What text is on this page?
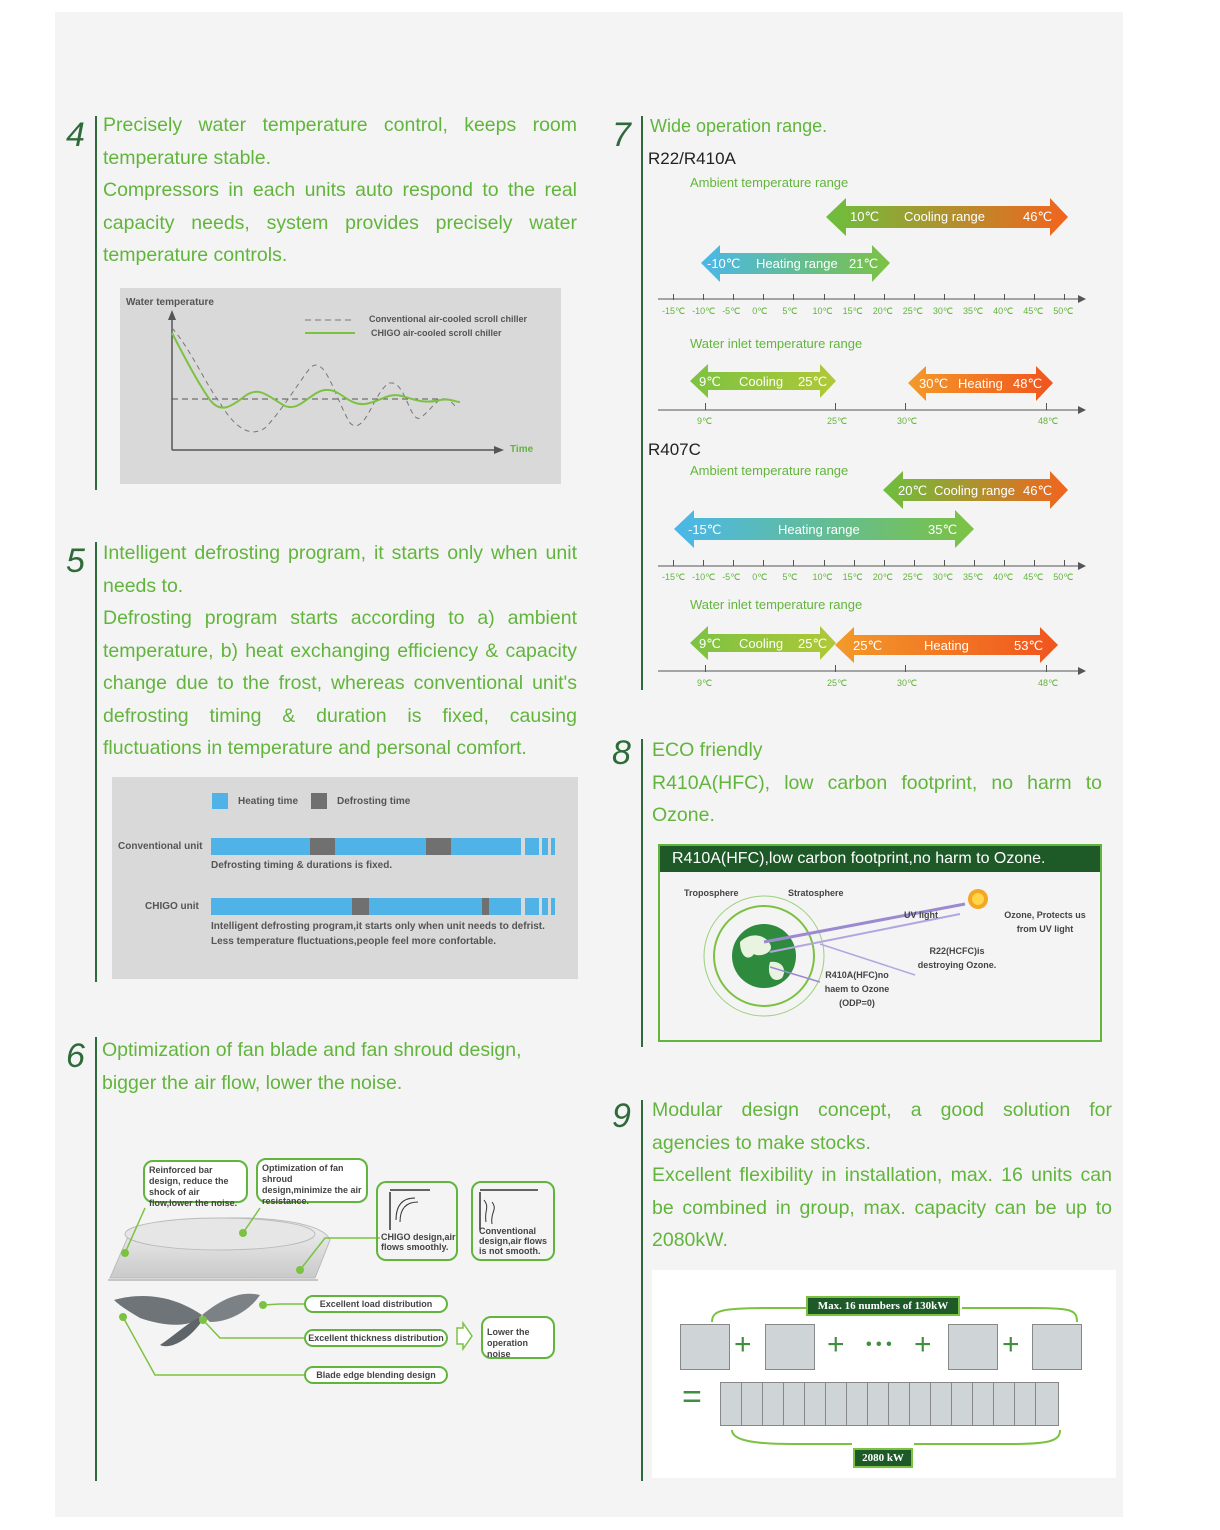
4 Precisely water temperature control, keeps room temperature stable.
Compressors in each units auto respond to the real capacity needs, system provides precisely water temperature controls.
Water temperature
Conventional air-cooled scroll chiller
CHIGO air-cooled scroll chiller
Time
5 Intelligent defrosting program, it starts only when unit needs to.
Defrosting program starts according to a) ambient temperature, b) heat exchanging efficiency & capacity change due to the frost, whereas conventional unit's defrosting timing & duration is fixed, causing fluctuations in temperature and personal comfort.
Heating time	Defrosting time
Conventional unit
Defrosting timing & durations is fixed.
CHIGO unit
Intelligent defrosting program,it starts only when unit needs to defrist.
Less temperature fluctuations,people feel more confortable.
6 Optimization of fan blade and fan shroud design, bigger the air flow, lower the noise.
Reinforced bar design, reduce the shock of air flow,lower the noise.
Optimization of fan shroud design,minimize the air resistance.
CHIGO design,air flows smoothly.
Conventional design,air flows is not smooth.
Excellent load distribution
Excellent thickness distribution
Blade edge blending design
Lower the operation noise
7 Wide operation range.
R22/R410A
Ambient temperature range
Water inlet temperature range
R407C
Ambient temperature range
Water inlet temperature range
10℃ Cooling range	46℃
-10℃ Heating range 21℃
9℃ Cooling 25℃	30℃ Heating 48℃
20℃ Cooling range 46℃
-15℃	Heating range	35℃
9℃ Cooling 25℃ 25℃	Heating	53℃
-15℃ -10℃ -5℃ 0℃ 5℃ 10℃ 15℃ 20℃ 25℃ 30℃ 35℃ 40℃ 45℃ 50℃
-15℃ -10℃ -5℃ 0℃ 5℃ 10℃ 15℃ 20℃ 25℃ 30℃ 35℃ 40℃ 45℃ 50℃
9℃	25℃	30℃	48℃
9℃	25℃	30℃	48℃
8 ECO friendly
R410A(HFC), low carbon footprint, no harm to Ozone.
R410A(HFC),low carbon footprint,no harm to Ozone.
Troposphere	Stratosphere
UV light	Ozone, Protects us from UV light
R22(HCFC)is destroying Ozone.
R410A(HFC)no haem to Ozone (ODP=0)
9 Modular design concept, a good solution for agencies to make stocks.
Excellent flexibility in installation, max. 16 units can be combined in group, max. capacity can be up to 2080kW.
Max. 16 numbers of 130kW
2080 kW
+	+ • • • + +
=
